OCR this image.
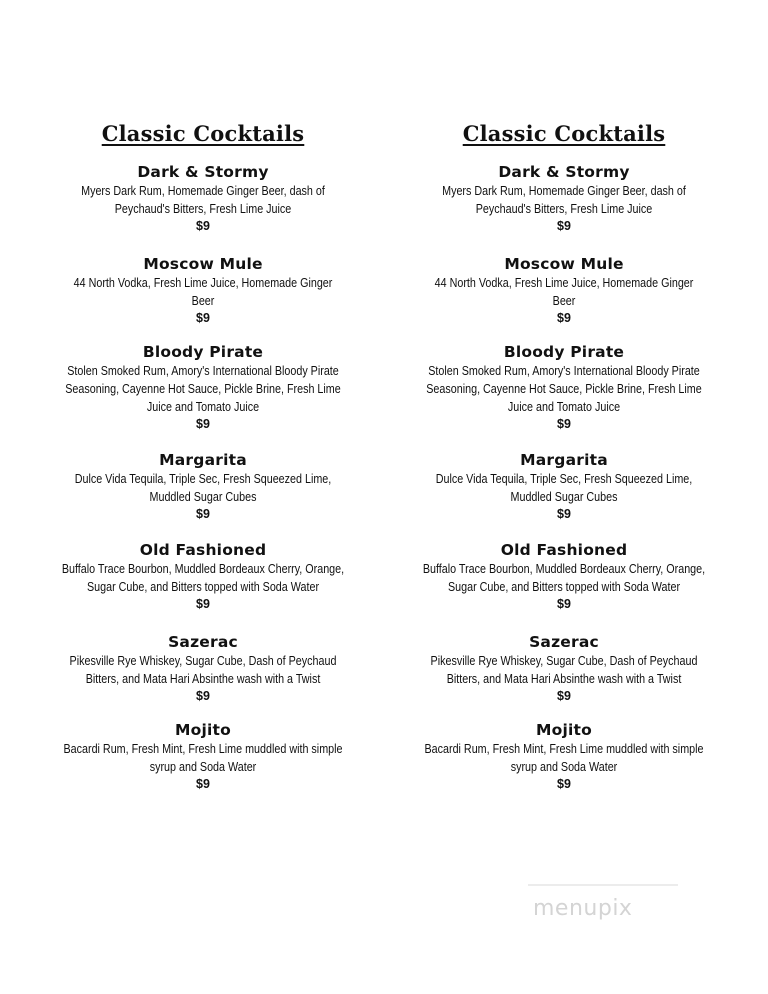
Classic Cocktails
Dark & Stormy
Myers Dark Rum, Homemade Ginger Beer, dash of Peychaud's Bitters, Fresh Lime Juice
$9
Moscow Mule
44 North Vodka, Fresh Lime Juice, Homemade Ginger Beer
$9
Bloody Pirate
Stolen Smoked Rum, Amory's International Bloody Pirate Seasoning, Cayenne Hot Sauce, Pickle Brine, Fresh Lime Juice and Tomato Juice
$9
Margarita
Dulce Vida Tequila, Triple Sec, Fresh Squeezed Lime, Muddled Sugar Cubes
$9
Old Fashioned
Buffalo Trace Bourbon, Muddled Bordeaux Cherry, Orange, Sugar Cube, and Bitters topped with Soda Water
$9
Sazerac
Pikesville Rye Whiskey, Sugar Cube, Dash of Peychaud Bitters, and Mata Hari Absinthe wash with a Twist
$9
Mojito
Bacardi Rum, Fresh Mint, Fresh Lime muddled with simple syrup and Soda Water
$9
Classic Cocktails
Dark & Stormy
Myers Dark Rum, Homemade Ginger Beer, dash of Peychaud's Bitters, Fresh Lime Juice
$9
Moscow Mule
44 North Vodka, Fresh Lime Juice, Homemade Ginger Beer
$9
Bloody Pirate
Stolen Smoked Rum, Amory's International Bloody Pirate Seasoning, Cayenne Hot Sauce, Pickle Brine, Fresh Lime Juice and Tomato Juice
$9
Margarita
Dulce Vida Tequila, Triple Sec, Fresh Squeezed Lime, Muddled Sugar Cubes
$9
Old Fashioned
Buffalo Trace Bourbon, Muddled Bordeaux Cherry, Orange, Sugar Cube, and Bitters topped with Soda Water
$9
Sazerac
Pikesville Rye Whiskey, Sugar Cube, Dash of Peychaud Bitters, and Mata Hari Absinthe wash with a Twist
$9
Mojito
Bacardi Rum, Fresh Mint, Fresh Lime muddled with simple syrup and Soda Water
$9
menupix
